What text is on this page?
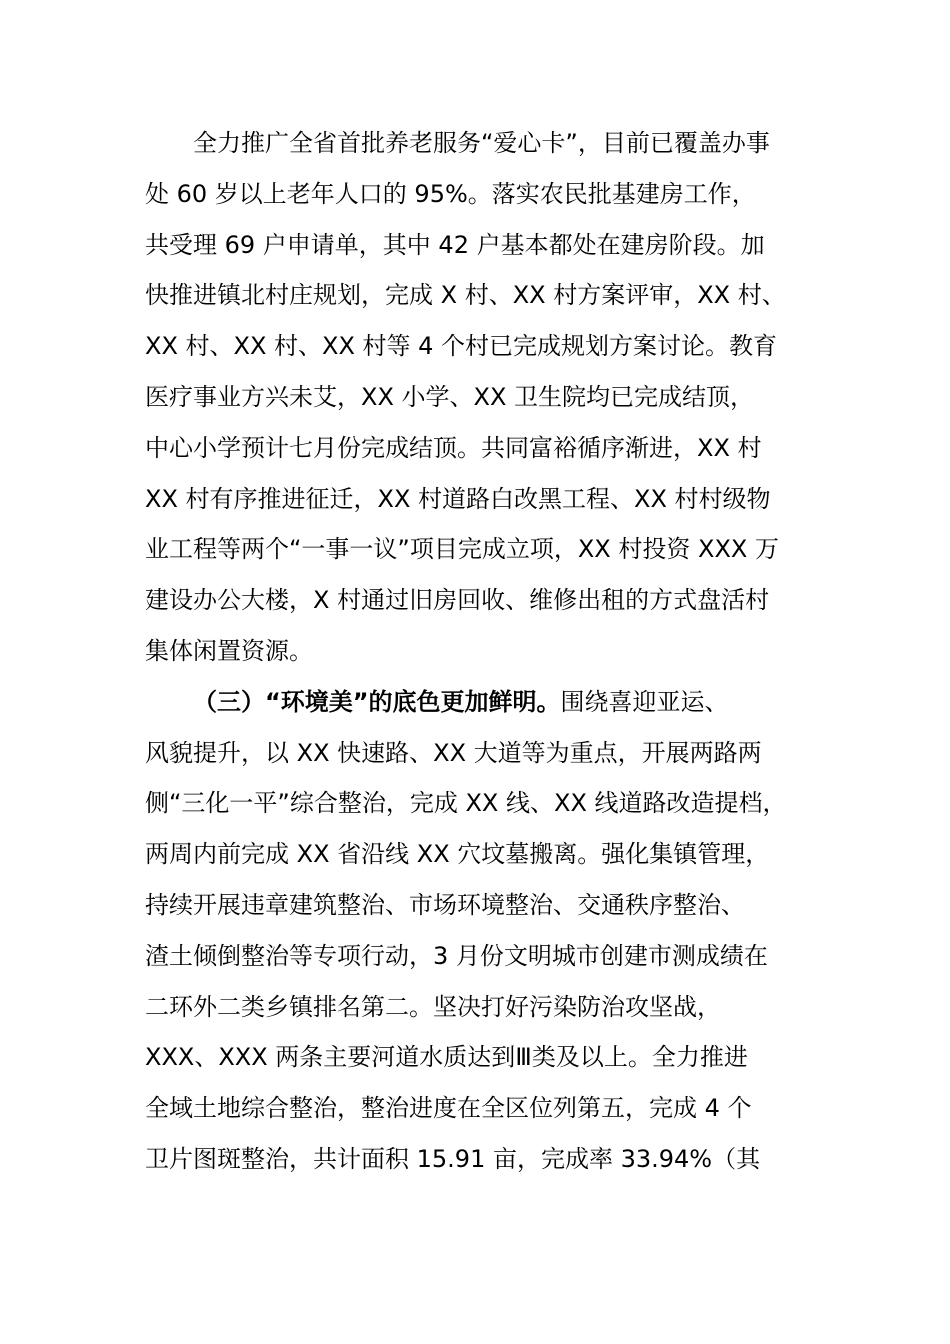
全力推广全省首批养老服务“爱心卡”，目前已覆盖办事
处 60 岁以上老年人口的 95%。落实农民批基建房工作，
共受理 69 户申请单，其中 42 户基本都处在建房阶段。加
快推进镇北村庄规划，完成 X 村、XX 村方案评审，XX 村、
XX 村、XX 村、XX 村等 4 个村已完成规划方案讨论。教育
医疗事业方兴未艾，XX 小学、XX 卫生院均已完成结顶，
中心小学预计七月份完成结顶。共同富裕循序渐进，XX 村
XX 村有序推进征迁，XX 村道路白改黑工程、XX 村村级物
业工程等两个“一事一议”项目完成立项，XX 村投资 XXX 万
建设办公大楼，X 村通过旧房回收、维修出租的方式盘活村
集体闲置资源。
（三）“环境美”的底色更加鲜明。围绕喜迎亚运、
风貌提升，以 XX 快速路、XX 大道等为重点，开展两路两
侧“三化一平”综合整治，完成 XX 线、XX 线道路改造提档，
两周内前完成 XX 省沿线 XX 穴坟墓搬离。强化集镇管理，
持续开展违章建筑整治、市场环境整治、交通秩序整治、
渣土倾倒整治等专项行动，3 月份文明城市创建市测成绩在
二环外二类乡镇排名第二。坚决打好污染防治攻坚战，
XXX、XXX 两条主要河道水质达到Ⅲ类及以上。全力推进
全域土地综合整治，整治进度在全区位列第五，完成 4 个
卫片图斑整治，共计面积 15.91 亩，完成率 33.94%（其
